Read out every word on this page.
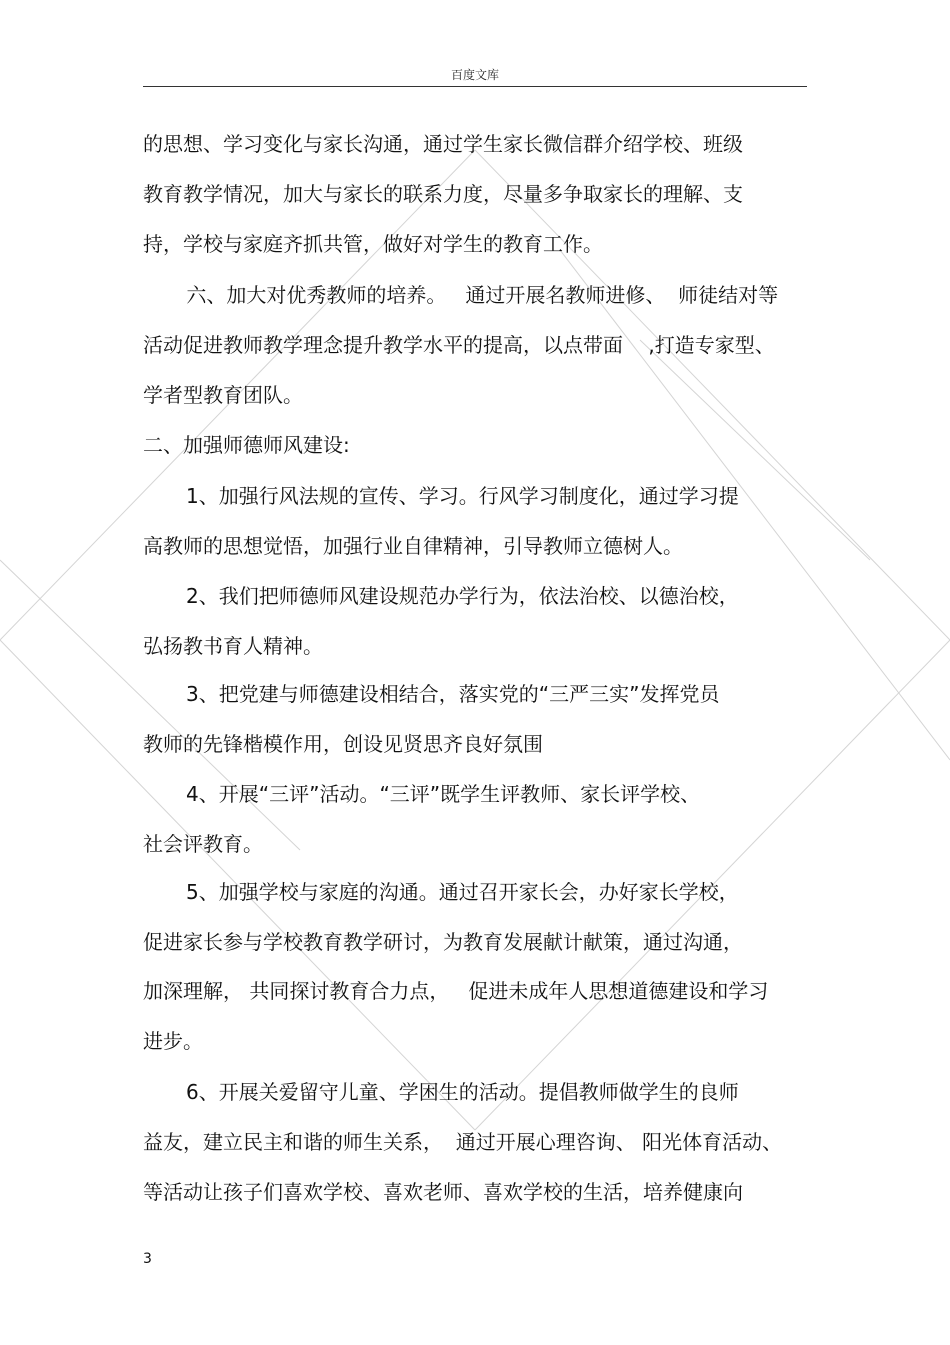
百度文库
的思想、学习变化与家长沟通，通过学生家长微信群介绍学校、班级
教育教学情况，加大与家长的联系力度，尽量多争取家长的理解、支
持，学校与家庭齐抓共管，做好对学生的教育工作。
六、加大对优秀教师的培养。   通过开展名教师进修、  师徒结对等
活动促进教师教学理念提升教学水平的提高，以点带面    ,打造专家型、
学者型教育团队。
二、加强师德师风建设:
1、加强行风法规的宣传、学习。行风学习制度化，通过学习提
高教师的思想觉悟，加强行业自律精神，引导教师立德树人。
2、我们把师德师风建设规范办学行为，依法治校、以德治校，
弘扬教书育人精神。
3、把党建与师德建设相结合，落实党的“三严三实”发挥党员
教师的先锋楷模作用，创设见贤思齐良好氛围
4、开展“三评”活动。“三评”既学生评教师、家长评学校、
社会评教育。
5、加强学校与家庭的沟通。通过召开家长会，办好家长学校，
促进家长参与学校教育教学研讨，为教育发展献计献策，通过沟通，
加深理解， 共同探讨教育合力点，   促进未成年人思想道德建设和学习
进步。
6、开展关爱留守儿童、学困生的活动。提倡教师做学生的良师
益友，建立民主和谐的师生关系，  通过开展心理咨询、 阳光体育活动、
等活动让孩子们喜欢学校、喜欢老师、喜欢学校的生活，培养健康向
3
